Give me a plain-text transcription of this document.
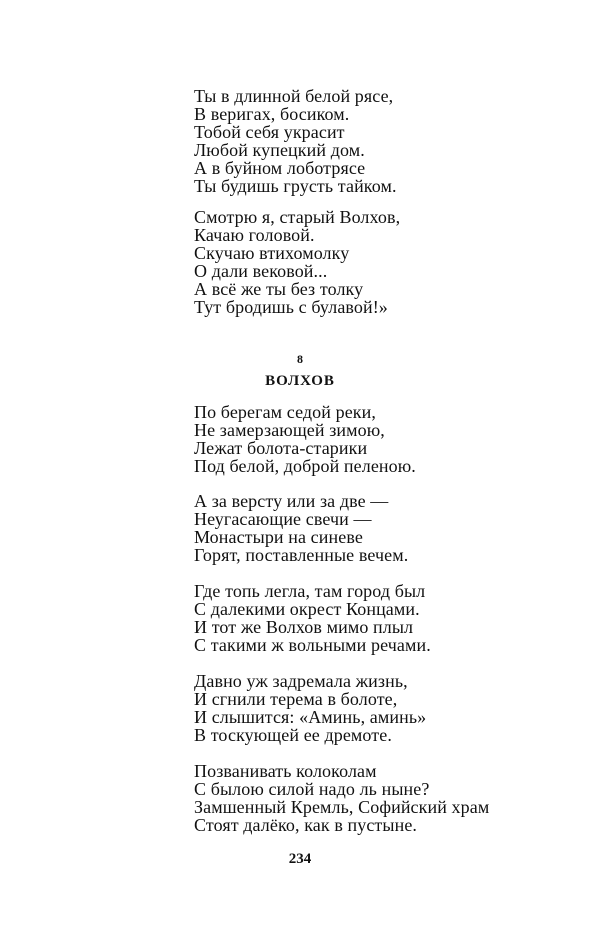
Ты в длинной белой рясе,
В веригах, босиком.
Тобой себя украсит
Любой купецкий дом.
А в буйном лоботрясе
Ты будишь грусть тайком.
Смотрю я, старый Волхов,
Качаю головой.
Скучаю втихомолку
О дали вековой...
А всё же ты без толку
Тут бродишь с булавой!»
8
ВОЛХОВ
По берегам седой реки,
Не замерзающей зимою,
Лежат болота-старики
Под белой, доброй пеленою.
А за версту или за две —
Неугасающие свечи —
Монастыри на синеве
Горят, поставленные вечем.
Где топь легла, там город был
С далекими окрест Концами.
И тот же Волхов мимо плыл
С такими ж вольными речами.
Давно уж задремала жизнь,
И сгнили терема в болоте,
И слышится: «Аминь, аминь»
В тоскующей ее дремоте.
Позванивать колоколам
С былою силой надо ль ныне?
Замшенный Кремль, Софийский храм
Стоят далёко, как в пустыне.
234
